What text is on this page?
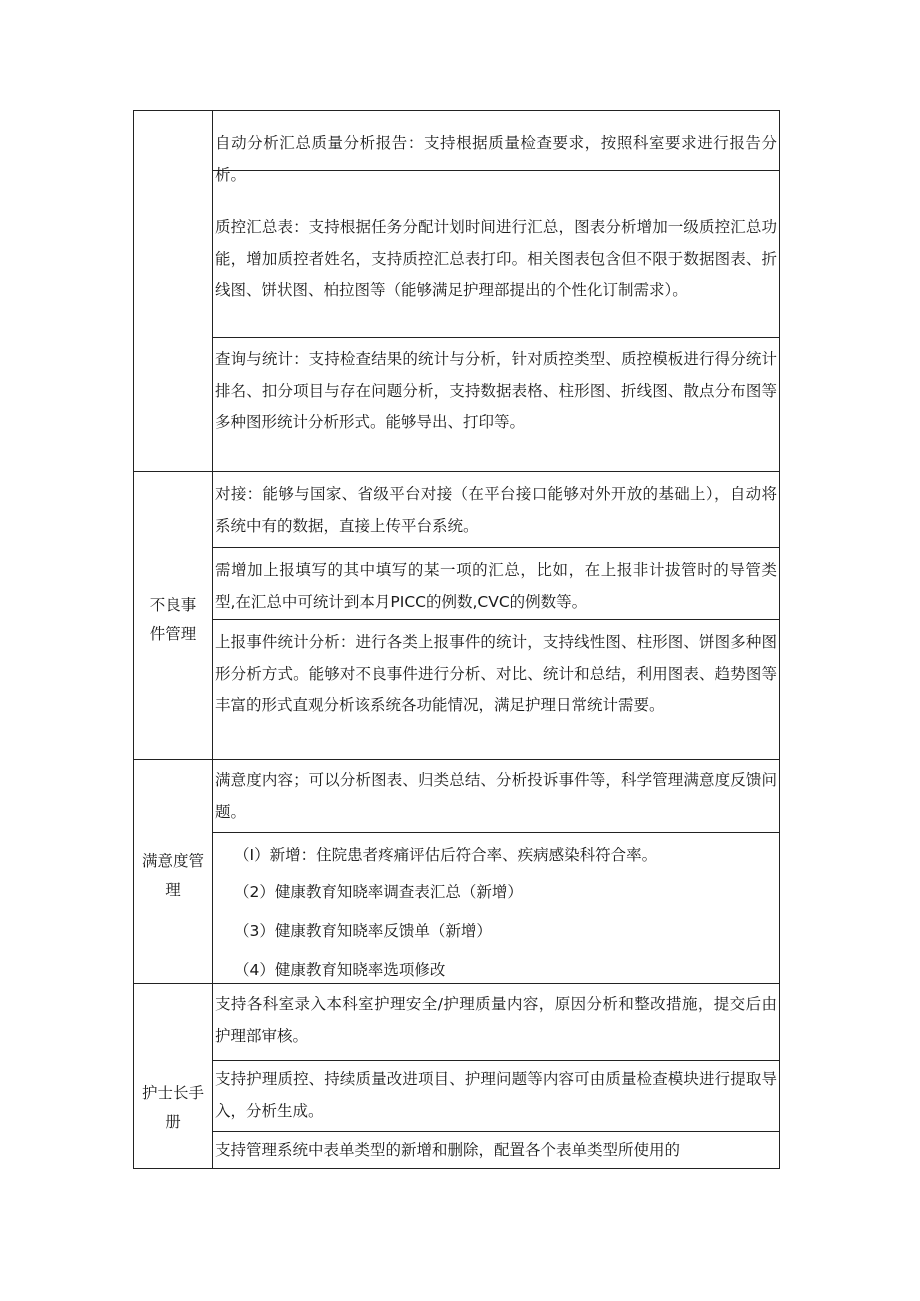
自动分析汇总质量分析报告：支持根据质量检查要求，按照科室要求进行报告分析。

质控汇总表：支持根据任务分配计划时间进行汇总，图表分析增加一级质控汇总功能，增加质控者姓名，支持质控汇总表打印。相关图表包含但不限于数据图表、折线图、饼状图、柏拉图等（能够满足护理部提出的个性化订制需求）。

查询与统计：支持检查结果的统计与分析，针对质控类型、质控模板进行得分统计排名、扣分项目与存在问题分析，支持数据表格、柱形图、折线图、散点分布图等多种图形统计分析形式。能够导出、打印等。

不良事
件管理

对接：能够与国家、省级平台对接（在平台接口能够对外开放的基础上），自动将系统中有的数据，直接上传平台系统。

需增加上报填写的其中填写的某一项的汇总，比如，在上报非计拔管时的导管类型,在汇总中可统计到本月PICC的例数,CVC的例数等。

上报事件统计分析：进行各类上报事件的统计，支持线性图、柱形图、饼图多种图形分析方式。能够对不良事件进行分析、对比、统计和总结，利用图表、趋势图等丰富的形式直观分析该系统各功能情况，满足护理日常统计需要。

满意度管
理

满意度内容；可以分析图表、归类总结、分析投诉事件等，科学管理满意度反馈问题。

（I）新增：住院患者疼痛评估后符合率、疾病感染科符合率。
（2）健康教育知晓率调查表汇总（新增）
（3）健康教育知晓率反馈单（新增）
（4）健康教育知晓率选项修改
护士长手
册

支持各科室录入本科室护理安全/护理质量内容，原因分析和整改措施，提交后由护理部审核。

支持护理质控、持续质量改进项目、护理问题等内容可由质量检查模块进行提取导入，分析生成。

支持管理系统中表单类型的新增和删除，配置各个表单类型所使用的
